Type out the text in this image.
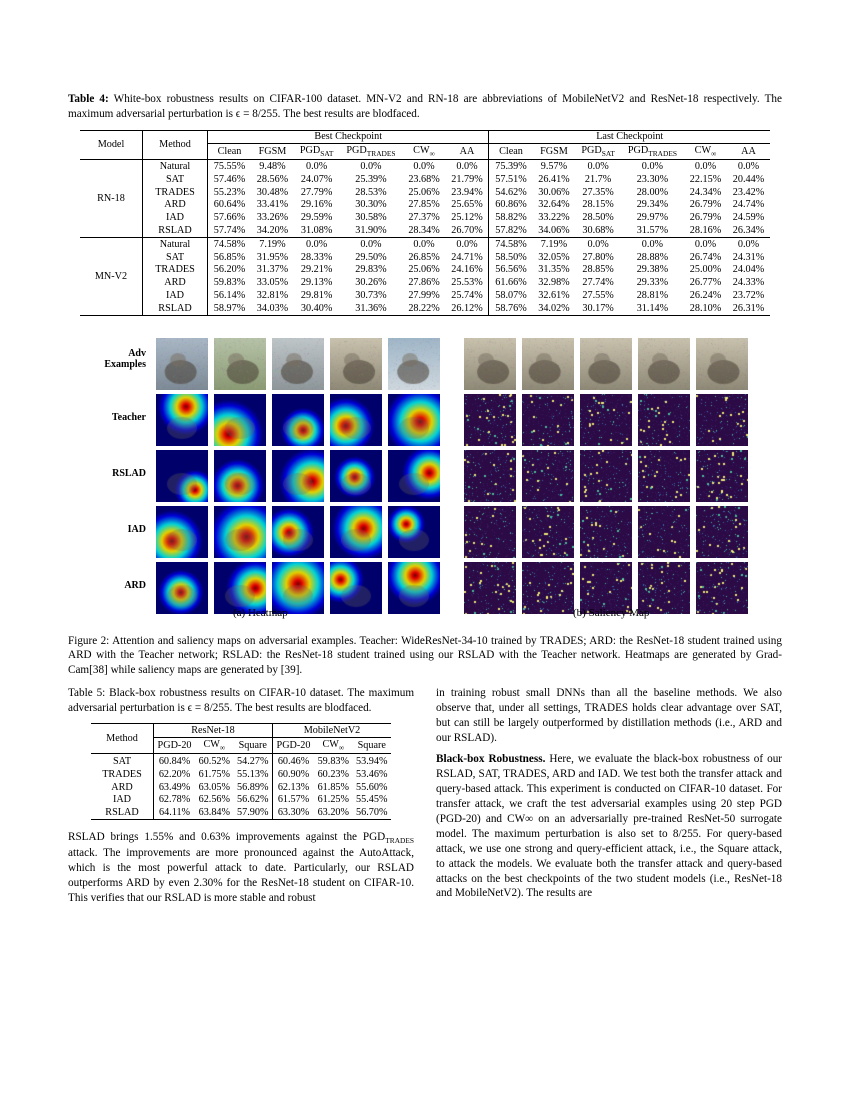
Table 4: White-box robustness results on CIFAR-100 dataset. MN-V2 and RN-18 are abbreviations of MobileNetV2 and ResNet-18 respectively. The maximum adversarial perturbation is ϵ = 8/255. The best results are blodfaced.
Model	Method	Best Checkpoint						Last Checkpoint					
		Clean	FGSM	$PGD_{SAT}$	$PGD_{TRADES}$	$CW_\infty$	AA	Clean	FGSM	$PGD_{SAT}$	$PGD_{TRADES}$	$CW_\infty$	AA
RN-18	Natural	75.55%	9.48%	0.0%	0.0%	0.0%	0.0%	75.39%	9.57%	0.0%	0.0%	0.0%	0.0%
	SAT	57.46%	28.56%	24.07%	25.39%	23.68%	21.79%	57.51%	26.41%	21.7%	23.30%	22.15%	20.44%
	TRADES	55.23%	30.48%	27.79%	28.53%	25.06%	23.94%	54.62%	30.06%	27.35%	28.00%	24.34%	23.42%
	ARD	60.64%	33.41%	29.16%	30.30%	27.85%	25.65%	60.86%	32.64%	28.15%	29.34%	26.79%	24.74%
	IAD	57.66%	33.26%	29.59%	30.58%	27.37%	25.12%	58.82%	33.22%	28.50%	29.97%	26.79%	24.59%
	RSLAD	57.74%	34.20%	31.08%	31.90%	28.34%	26.70%	57.82%	34.06%	30.68%	31.57%	28.16%	26.34%
MN-V2	Natural	74.58%	7.19%	0.0%	0.0%	0.0%	0.0%	74.58%	7.19%	0.0%	0.0%	0.0%	0.0%
	SAT	56.85%	31.95%	28.33%	29.50%	26.85%	24.71%	58.50%	32.05%	27.80%	28.88%	26.74%	24.31%
	TRADES	56.20%	31.37%	29.21%	29.83%	25.06%	24.16%	56.56%	31.35%	28.85%	29.38%	25.00%	24.04%
	ARD	59.83%	33.05%	29.13%	30.26%	27.86%	25.53%	61.66%	32.98%	27.74%	29.33%	26.77%	24.33%
	IAD	56.14%	32.81%	29.81%	30.73%	27.99%	25.74%	58.07%	32.61%	27.55%	28.81%	26.24%	23.72%
	RSLAD	58.97%	34.03%	30.40%	31.36%	28.22%	26.12%	58.76%	34.02%	30.17%	31.14%	28.10%	26.31%
Adv
Examples
Teacher
RSLAD
IAD
ARD
(a) Heatmap	(b) Saliency Map
Figure 2: Attention and saliency maps on adversarial examples. Teacher: WideResNet-34-10 trained by TRADES; ARD: the ResNet-18 student trained using ARD with the Teacher network; RSLAD: the ResNet-18 student trained using our RSLAD with the Teacher network. Heatmaps are generated by Grad-Cam[38] while saliency maps are generated by [39].
Table 5: Black-box robustness results on CIFAR-10 dataset. The maximum adversarial perturbation is ϵ = 8/255. The best results are blodfaced.
Method	ResNet-18			MobileNetV2		
	PGD-20	$CW_\infty$	Square	PGD-20	$CW_\infty$	Square
SAT	60.84%	60.52%	54.27%	60.46%	59.83%	53.94%
TRADES	62.20%	61.75%	55.13%	60.90%	60.23%	53.46%
ARD	63.49%	63.05%	56.89%	62.13%	61.85%	55.60%
IAD	62.78%	62.56%	56.62%	61.57%	61.25%	55.45%
RSLAD	64.11%	63.84%	57.90%	63.30%	63.20%	56.70%

RSLAD brings 1.55% and 0.63% improvements against the $PGD_{TRADES}$ attack. The improvements are more pronounced against the AutoAttack, which is the most powerful attack to date. Particularly, our RSLAD outperforms ARD by even 2.30% for the ResNet-18 student on CIFAR-10. This verifies that our RSLAD is more stable and robust

in training robust small DNNs than all the baseline methods. We also observe that, under all settings, TRADES holds clear advantage over SAT, but can still be largely outperformed by distillation methods (i.e., ARD and our RSLAD).

Black-box Robustness. Here, we evaluate the black-box robustness of our RSLAD, SAT, TRADES, ARD and IAD. We test both the transfer attack and query-based attack. This experiment is conducted on CIFAR-10 dataset. For transfer attack, we craft the test adversarial examples using 20 step PGD (PGD-20) and CW∞ on an adversarially pre-trained ResNet-50 surrogate model. The maximum perturbation is also set to 8/255. For query-based attack, we use one strong and query-efficient attack, i.e., the Square attack, to attack the models. We evaluate both the transfer attack and query-based attacks on the best checkpoints of the two student models (i.e., ResNet-18 and MobileNetV2). The results are
